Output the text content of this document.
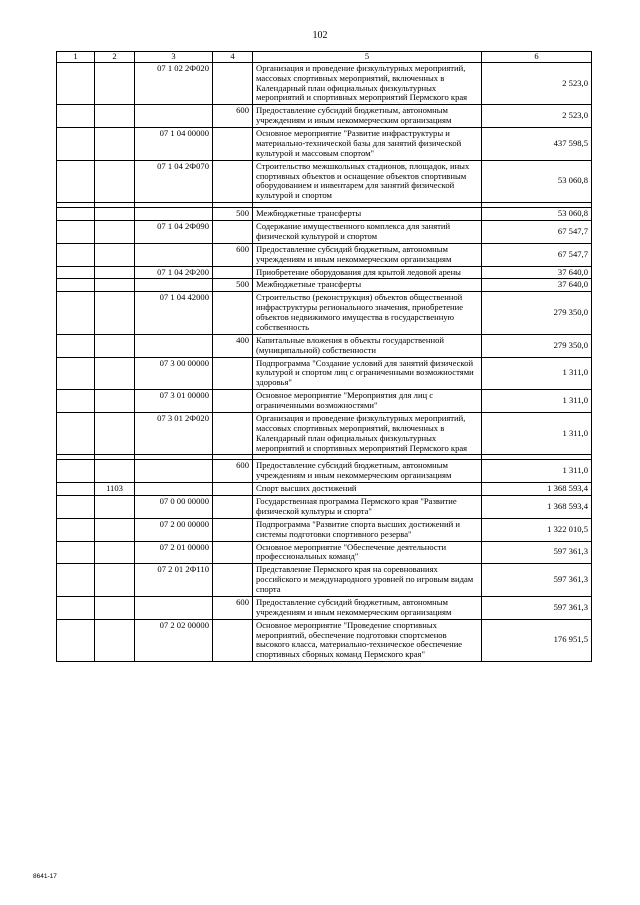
102
1	2	3	4	5	6
		07 1 02 2Ф020		Организация и проведение физкультурных мероприятий, массовых спортивных мероприятий, включенных в Календарный план официальных физкультурных мероприятий и спортивных мероприятий Пермского края	2 523,0
			600	Предоставление субсидий бюджетным, автономным учреждениям и иным некоммерческим организациям	2 523,0
		07 1 04 00000		Основное мероприятие "Развитие инфраструктуры и материально-технической базы для занятий физической культурой и массовым спортом"	437 598,5
		07 1 04 2Ф070		Строительство межшкольных стадионов, площадок, иных спортивных объектов и оснащение объектов спортивным оборудованием и инвентарем для занятий физической культурой и спортом	53 060,8

			500	Межбюджетные трансферты	53 060,8
		07 1 04 2Ф090		Содержание имущественного комплекса для занятий физической культурой и спортом	67 547,7
			600	Предоставление субсидий бюджетным, автономным учреждениям и иным некоммерческим организациям	67 547,7
		07 1 04 2Ф200		Приобретение оборудования для крытой ледовой арены	37 640,0
			500	Межбюджетные трансферты	37 640,0
		07 1 04 42000		Строительство (реконструкция) объектов общественной инфраструктуры регионального значения, приобретение объектов недвижимого имущества в государственную собственность	279 350,0
			400	Капитальные вложения в объекты государственной (муниципальной) собственности	279 350,0
		07 3 00 00000		Подпрограмма "Создание условий для занятий физической культурой и спортом лиц с ограниченными возможностями здоровья"	1 311,0
		07 3 01 00000		Основное мероприятие "Мероприятия для лиц с ограниченными возможностями"	1 311,0
		07 3 01 2Ф020		Организация и проведение физкультурных мероприятий, массовых спортивных мероприятий, включенных в Календарный план официальных физкультурных мероприятий и спортивных мероприятий Пермского края	1 311,0

			600	Предоставление субсидий бюджетным, автономным учреждениям и иным некоммерческим организациям	1 311,0
	1103			Спорт высших достижений	1 368 593,4
		07 0 00 00000		Государственная программа Пермского края "Развитие физической культуры и спорта"	1 368 593,4
		07 2 00 00000		Подпрограмма "Развитие спорта высших достижений и системы подготовки спортивного резерва"	1 322 010,5
		07 2 01 00000		Основное мероприятие "Обеспечение деятельности профессиональных команд"	597 361,3
		07 2 01 2Ф110		Представление Пермского края на соревнованиях российского и международного уровней по игровым видам спорта	597 361,3
			600	Предоставление субсидий бюджетным, автономным учреждениям и иным некоммерческим организациям	597 361,3
		07 2 02 00000		Основное мероприятие "Проведение спортивных мероприятий, обеспечение подготовки спортсменов высокого класса, материально-техническое обеспечение спортивных сборных команд Пермского края"	176 951,5
8641-17
